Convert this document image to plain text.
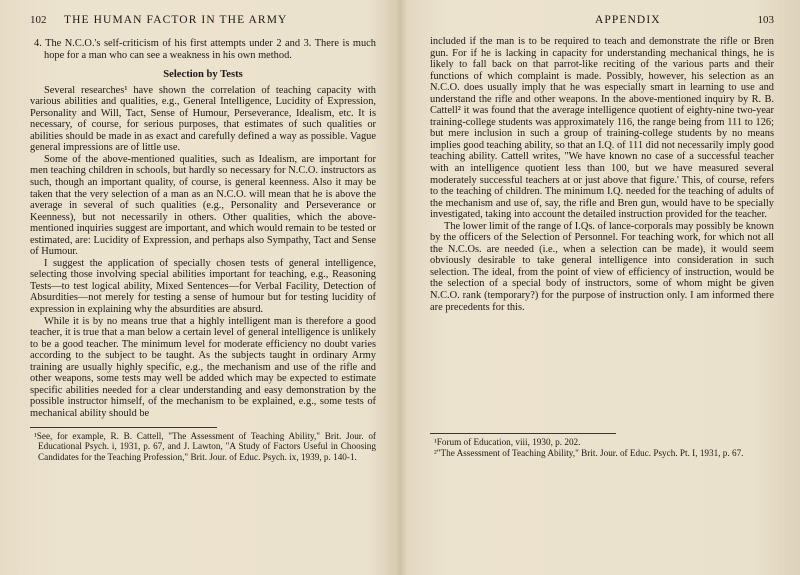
102 THE HUMAN FACTOR IN THE ARMY

4. The N.C.O.'s self-criticism of his first attempts under 2 and 3. There is much hope for a man who can see a weakness in his own method.

Selection by Tests

Several researches¹ have shown the correlation of teaching capacity with various abilities and qualities, e.g., General Intelligence, Lucidity of Expression, Personality and Will, Tact, Sense of Humour, Perseverance, Idealism, etc. It is necessary, of course, for serious purposes, that estimates of such qualities or abilities should be made in as exact and carefully defined a way as possible. Vague general impressions are of little use.

Some of the above-mentioned qualities, such as Idealism, are important for men teaching children in schools, but hardly so necessary for N.C.O. instructors as such, though an important quality, of course, is general keenness. Also it may be taken that the very selection of a man as an N.C.O. will mean that he is above the average in several of such qualities (e.g., Personality and Perseverance or Keenness), but not necessarily in others. Other qualities, which the above-mentioned inquiries suggest are important, and which would remain to be tested or estimated, are: Lucidity of Expression, and perhaps also Sympathy, Tact and Sense of Humour.

I suggest the application of specially chosen tests of general intelligence, selecting those involving special abilities important for teaching, e.g., Reasoning Tests—to test logical ability, Mixed Sentences—for Verbal Facility, Detection of Absurdities—not merely for testing a sense of humour but for testing lucidity of expression in explaining why the absurdities are absurd.

While it is by no means true that a highly intelligent man is therefore a good teacher, it is true that a man below a certain level of general intelligence is unlikely to be a good teacher. The minimum level for moderate efficiency no doubt varies according to the subject to be taught. As the subjects taught in ordinary Army training are usually highly specific, e.g., the mechanism and use of the rifle and other weapons, some tests may well be added which may be expected to estimate specific abilities needed for a clear understanding and easy demonstration by the possible instructor himself, of the mechanism to be explained, e.g., some tests of mechanical ability should be

¹See, for example, R. B. Cattell, "The Assessment of Teaching Ability," Brit. Jour. of Educational Psych. i, 1931, p. 67, and J. Lawton, "A Study of Factors Useful in Choosing Candidates for the Teaching Profession," Brit. Jour. of Educ. Psych. ix, 1939, p. 140-1.

APPENDIX	103

included if the man is to be required to teach and demonstrate the rifle or Bren gun. For if he is lacking in capacity for understanding mechanical things, he is likely to fall back on that parrot-like reciting of the various parts and their functions of which complaint is made. Possibly, however, his selection as an N.C.O. does usually imply that he was especially smart in learning to use and understand the rifle and other weapons. In the above-mentioned inquiry by R. B. Cattell² it was found that the average intelligence quotient of eighty-nine two-year training-college students was approximately 116, the range being from 111 to 126; but mere inclusion in such a group of training-college students by no means implies good teaching ability, so that an I.Q. of 111 did not necessarily imply good teaching ability. Cattell writes, "We have known no case of a successful teacher with an intelligence quotient less than 100, but we have measured several moderately successful teachers at or just above that figure.' This, of course, refers to the teaching of children. The minimum I.Q. needed for the teaching of adults of the mechanism and use of, say, the rifle and Bren gun, would have to be specially investigated, taking into account the detailed instruction provided for the teacher.

The lower limit of the range of I.Qs. of lance-corporals may possibly be known by the officers of the Selection of Personnel. For teaching work, for which not all the N.C.Os. are needed (i.e., when a selection can be made), it would seem obviously desirable to take general intelligence into consideration in such selection. The ideal, from the point of view of efficiency of instruction, would be the selection of a special body of instructors, some of whom might be given N.C.O. rank (temporary?) for the purpose of instruction only. I am informed there are precedents for this.

¹Forum of Education, viii, 1930, p. 202.

²"The Assessment of Teaching Ability," Brit. Jour. of Educ. Psych. Pt. I, 1931, p. 67.
